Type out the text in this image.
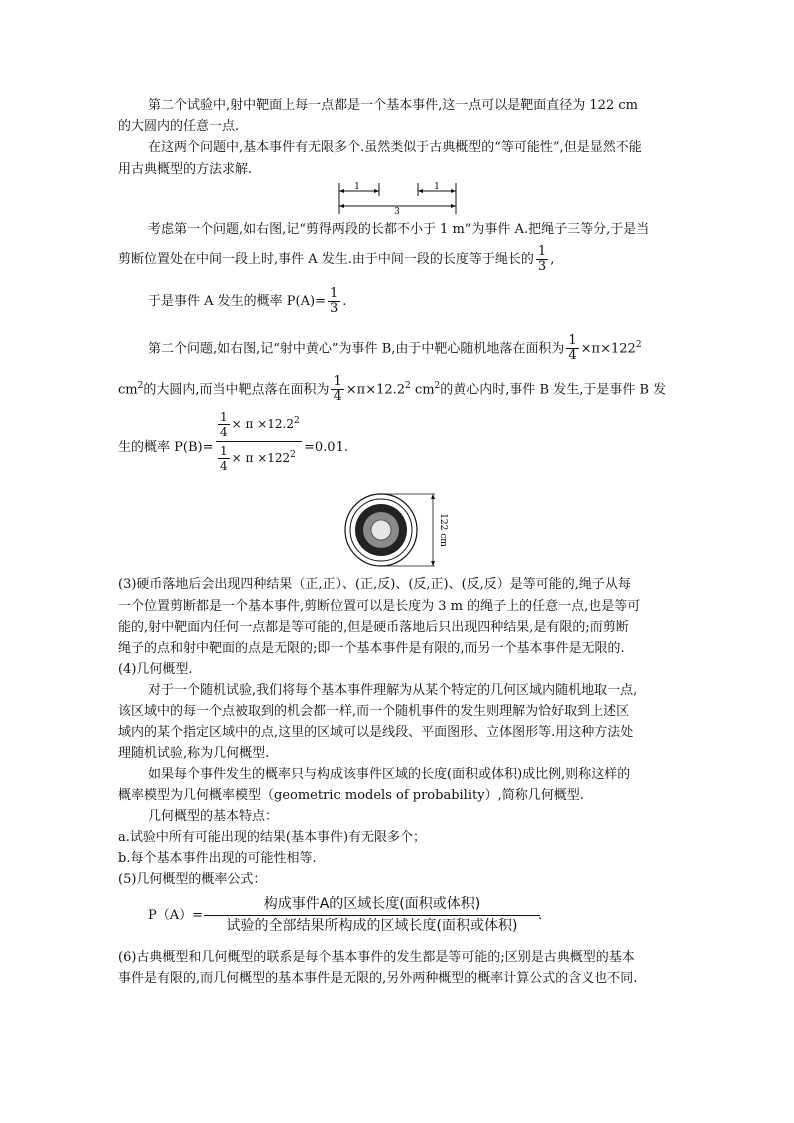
第二个试验中,射中靶面上每一点都是一个基本事件,这一点可以是靶面直径为 122 cm
的大圆内的任意一点.
在这两个问题中,基本事件有无限多个.虽然类似于古典概型的“等可能性”,但是显然不能
用古典概型的方法求解.
1	1
3
考虑第一个问题,如右图,记“剪得两段的长都不小于 1 m”为事件 A.把绳子三等分,于是当
剪断位置处在中间一段上时,事件 A 发生.由于中间一段的长度等于绳长的 $\frac{1}{3}$ ,
于是事件 A 发生的概率 $P(A)= \frac{1}{3}$ .
第二个问题,如右图,记“射中黄心”为事件 B,由于中靶心随机地落在面积为 $\frac{1}{4} \times\pi\times 122^2$
$cm^2$的大圆内,而当中靶点落在面积为 $\frac{1}{4} \times\pi\times 12.2^2$ $cm^2$的黄心内时,事件 B 发生,于是事件 B 发
生的概率 $P(B)= \frac{\frac{1}{4} \times \pi \times 12.2^2}{\frac{1}{4} \times \pi \times 122^2} =0.01$.
122 cm
(3)硬币落地后会出现四种结果（正,正）、(正,反)、(反,正)、(反,反）是等可能的,绳子从每
一个位置剪断都是一个基本事件,剪断位置可以是长度为 3 m 的绳子上的任意一点,也是等可
能的,射中靶面内任何一点都是等可能的,但是硬币落地后只出现四种结果,是有限的;而剪断
绳子的点和射中靶面的点是无限的;即一个基本事件是有限的,而另一个基本事件是无限的.
(4)几何概型.
对于一个随机试验,我们将每个基本事件理解为从某个特定的几何区域内随机地取一点,
该区域中的每一个点被取到的机会都一样,而一个随机事件的发生则理解为恰好取到上述区
域内的某个指定区域中的点,这里的区域可以是线段、平面图形、立体图形等.用这种方法处
理随机试验,称为几何概型.
如果每个事件发生的概率只与构成该事件区域的长度(面积或体积)成比例,则称这样的
概率模型为几何概率模型（geometric models of probability）,简称几何概型.
几何概型的基本特点：
a.试验中所有可能出现的结果(基本事件)有无限多个；
b.每个基本事件出现的可能性相等.
(5)几何概型的概率公式：
P（A）=
构成事件A的区域长度(面积或体积)
试验的全部结果所构成的区域长度(面积或体积)
.
(6)古典概型和几何概型的联系是每个基本事件的发生都是等可能的;区别是古典概型的基本
事件是有限的,而几何概型的基本事件是无限的,另外两种概型的概率计算公式的含义也不同.
